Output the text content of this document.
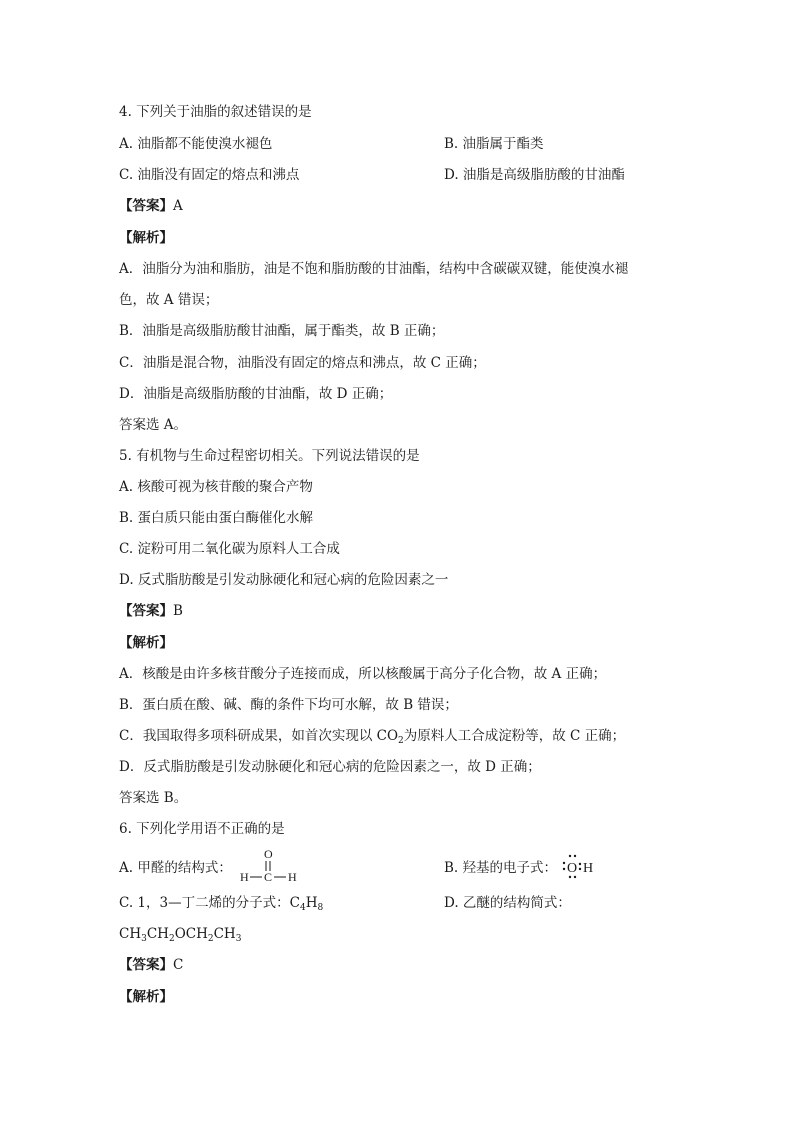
4. 下列关于油脂的叙述错误的是
A. 油脂都不能使溴水褪色	B. 油脂属于酯类
C. 油脂没有固定的熔点和沸点	D. 油脂是高级脂肪酸的甘油酯
【答案】A
【解析】
A．油脂分为油和脂肪，油是不饱和脂肪酸的甘油酯，结构中含碳碳双键，能使溴水褪
色，故 A 错误；
B．油脂是高级脂肪酸甘油酯，属于酯类，故 B 正确；
C．油脂是混合物，油脂没有固定的熔点和沸点，故 C 正确；
D．油脂是高级脂肪酸的甘油酯，故 D 正确；
答案选 A。
5. 有机物与生命过程密切相关。下列说法错误的是
A. 核酸可视为核苷酸的聚合产物
B. 蛋白质只能由蛋白酶催化水解
C. 淀粉可用二氧化碳为原料人工合成
D. 反式脂肪酸是引发动脉硬化和冠心病的危险因素之一
【答案】B
【解析】
A．核酸是由许多核苷酸分子连接而成，所以核酸属于高分子化合物，故 A 正确；
B．蛋白质在酸、碱、酶的条件下均可水解，故 B 错误；
C．我国取得多项科研成果，如首次实现以 $CO_2$为原料人工合成淀粉等，故 C 正确；
D．反式脂肪酸是引发动脉硬化和冠心病的危险因素之一，故 D 正确；
答案选 B。
6. 下列化学用语不正确的是
A. 甲醛的结构式：
O
H C H
B. 羟基的电子式： O H
C. 1，3—丁二烯的分子式：$C_4H_8$	D. 乙醚的结构简式：
$CH_3CH_2OCH_2CH_3$
【答案】C
【解析】
